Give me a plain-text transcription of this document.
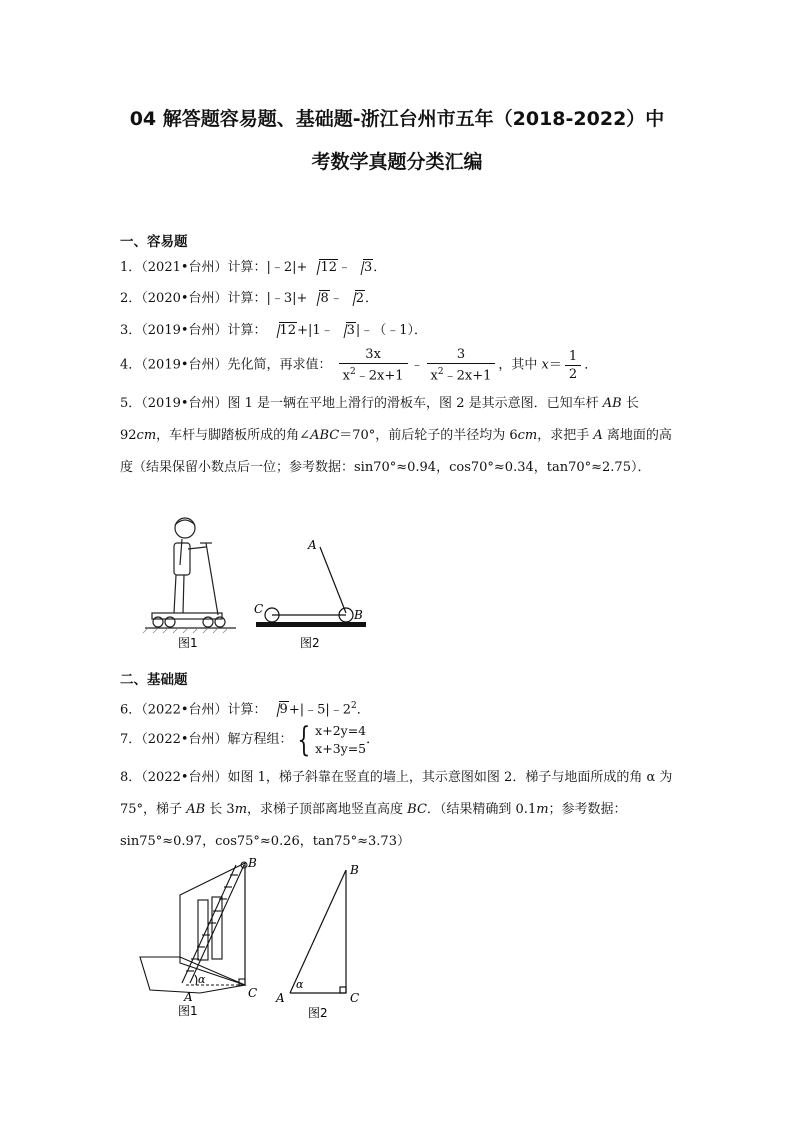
04 解答题容易题、基础题-浙江台州市五年（2018-2022）中
考数学真题分类汇编
一、容易题
1．（2021•台州）计算：|﹣2|+ 12﹣ 3．
2．（2020•台州）计算：|﹣3|+ 8﹣ 2．
3．（2019•台州）计算： 12+|1﹣ 3|﹣（﹣1）．
4．（2019•台州）先化简，再求值： $\frac{3x}{x^2﹣2x+1}$ ﹣ $\frac{3}{x^2﹣2x+1}$ ，其中 $x= \frac{1}{2}$ ．
5．（2019•台州）图 1 是一辆在平地上滑行的滑板车，图 2 是其示意图．已知车杆 AB 长 92cm，车杆与脚踏板所成的角∠ABC＝70°，前后轮子的半径均为 6cm，求把手 A 离地面的高度（结果保留小数点后一位；参考数据：sin70°≈0.94，cos70°≈0.34，tan70°≈2.75）．
图1
A
B
C
图2
二、基础题
6．（2022•台州）计算： $9+|﹣5|﹣2^2$．
7．（2022•台州）解方程组： { x+2y=4
x+3y=5
．
8．（2022•台州）如图 1，梯子斜靠在竖直的墙上，其示意图如图 2．梯子与地面所成的角 α 为 75°，梯子 AB 长 3m，求梯子顶部离地竖直高度 BC．（结果精确到 0.1m；参考数据：sin75°≈0.97，cos75°≈0.26，tan75°≈3.73）
B
C
A
α
图1
B
C
A
α
图2
